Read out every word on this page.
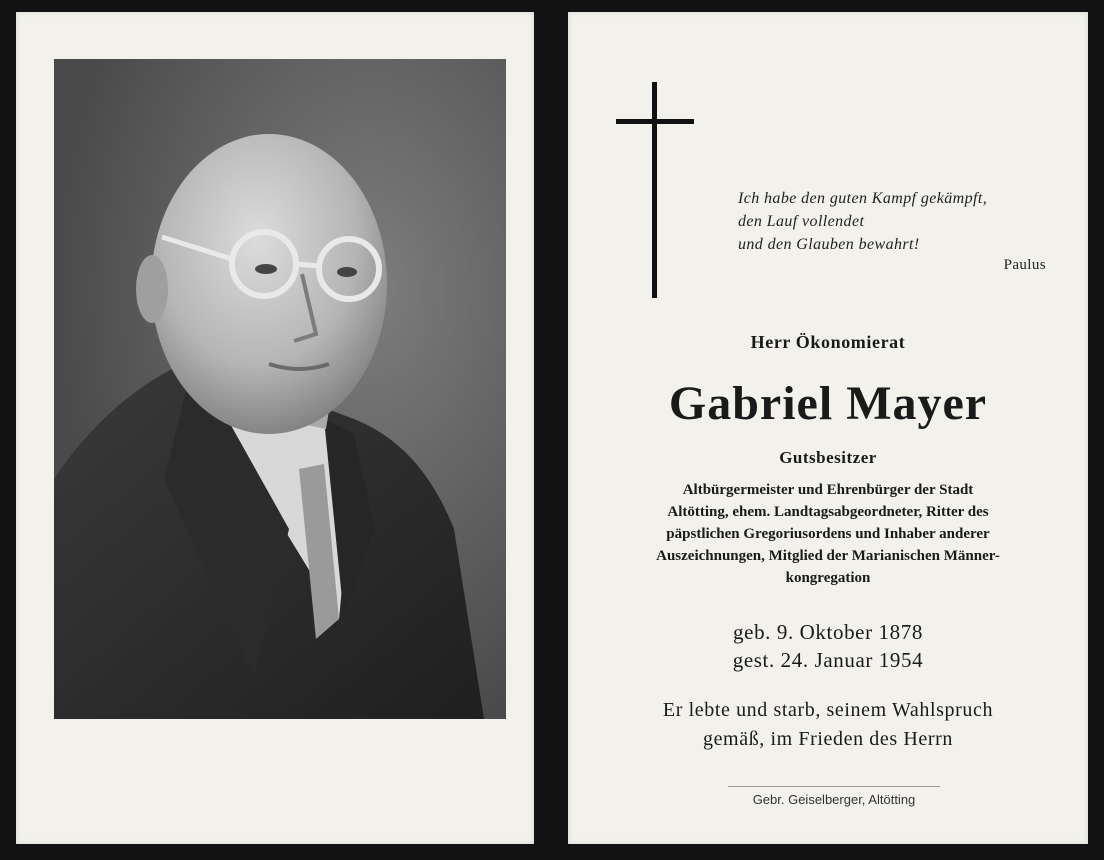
Ich habe den guten Kampf gekämpft,
den Lauf vollendet
und den Glauben bewahrt!
Paulus
Herr Ökonomierat
Gabriel Mayer
Gutsbesitzer
Altbürgermeister und Ehrenbürger der Stadt
Altötting, ehem. Landtagsabgeordneter, Ritter des
päpstlichen Gregoriusordens und Inhaber anderer
Auszeichnungen, Mitglied der Marianischen Männer-
kongregation
geb. 9. Oktober 1878
gest. 24. Januar 1954
Er lebte und starb, seinem Wahlspruch
gemäß, im Frieden des Herrn
Gebr. Geiselberger, Altötting
